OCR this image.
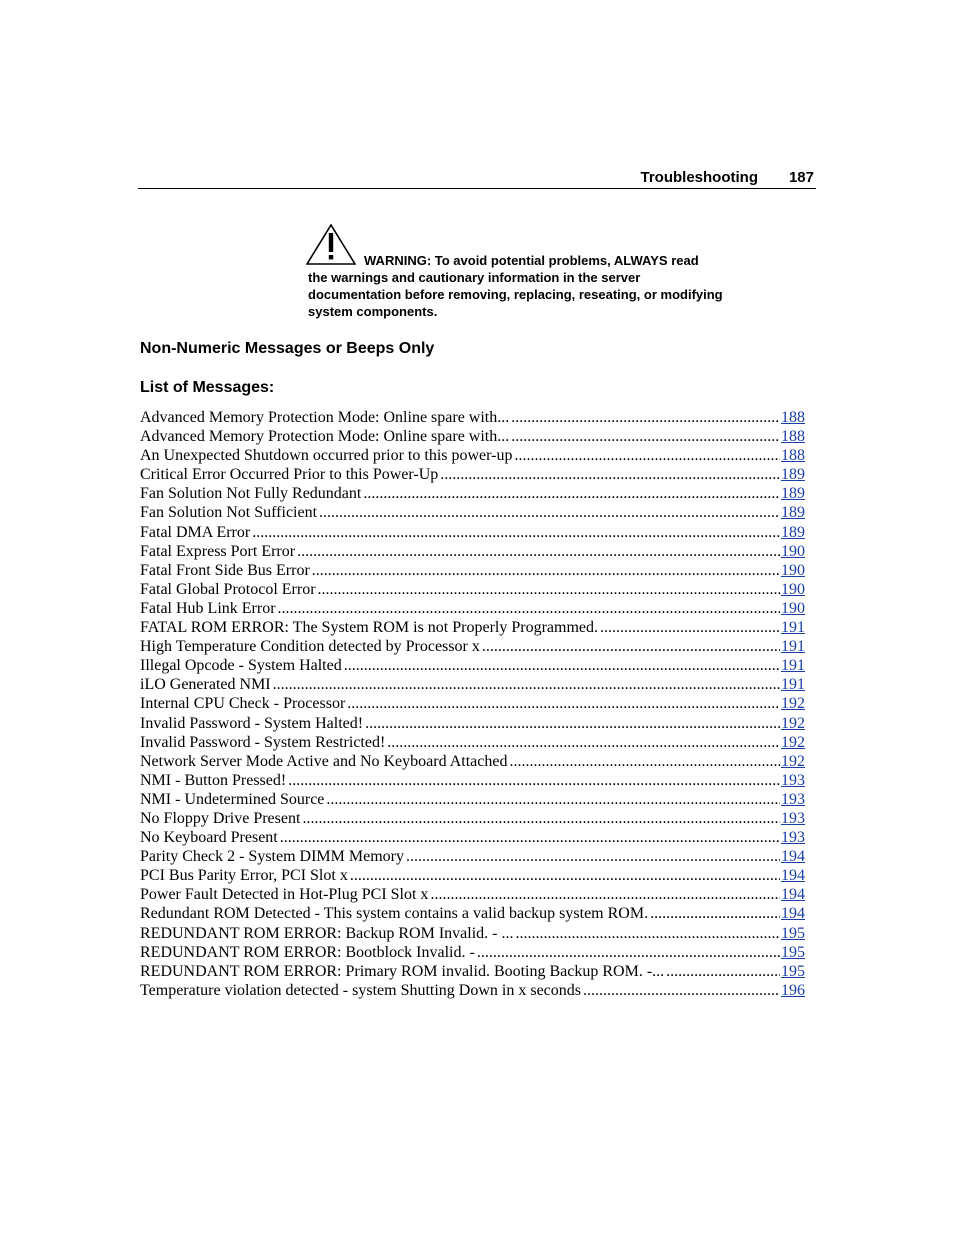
Troubleshooting 187
WARNING: To avoid potential problems, ALWAYS read
the warnings and cautionary information in the server
documentation before removing, replacing, reseating, or modifying
system components.
Non-Numeric Messages or Beeps Only
List of Messages:
Advanced Memory Protection Mode: Online spare with... .....	188
Advanced Memory Protection Mode: Online spare with... .....	188
An Unexpected Shutdown occurred prior to this power-up .....	188
Critical Error Occurred Prior to this Power-Up .....	189
Fan Solution Not Fully Redundant .....	189
Fan Solution Not Sufficient .....	189
Fatal DMA Error .....	189
Fatal Express Port Error .....	190
Fatal Front Side Bus Error .....	190
Fatal Global Protocol Error .....	190
Fatal Hub Link Error .....	190
FATAL ROM ERROR: The System ROM is not Properly Programmed. .....	191
High Temperature Condition detected by Processor x .....	191
Illegal Opcode - System Halted .....	191
iLO Generated NMI .....	191
Internal CPU Check - Processor .....	192
Invalid Password - System Halted! .....	192
Invalid Password - System Restricted! .....	192
Network Server Mode Active and No Keyboard Attached .....	192
NMI - Button Pressed! .....	193
NMI - Undetermined Source .....	193
No Floppy Drive Present .....	193
No Keyboard Present .....	193
Parity Check 2 - System DIMM Memory .....	194
PCI Bus Parity Error, PCI Slot x .....	194
Power Fault Detected in Hot-Plug PCI Slot x .....	194
Redundant ROM Detected - This system contains a valid backup system ROM. .....	194
REDUNDANT ROM ERROR: Backup ROM Invalid. - ... .....	195
REDUNDANT ROM ERROR: Bootblock Invalid. - .....	195
REDUNDANT ROM ERROR: Primary ROM invalid. Booting Backup ROM. -... .....	195
Temperature violation detected - system Shutting Down in x seconds .....	196
